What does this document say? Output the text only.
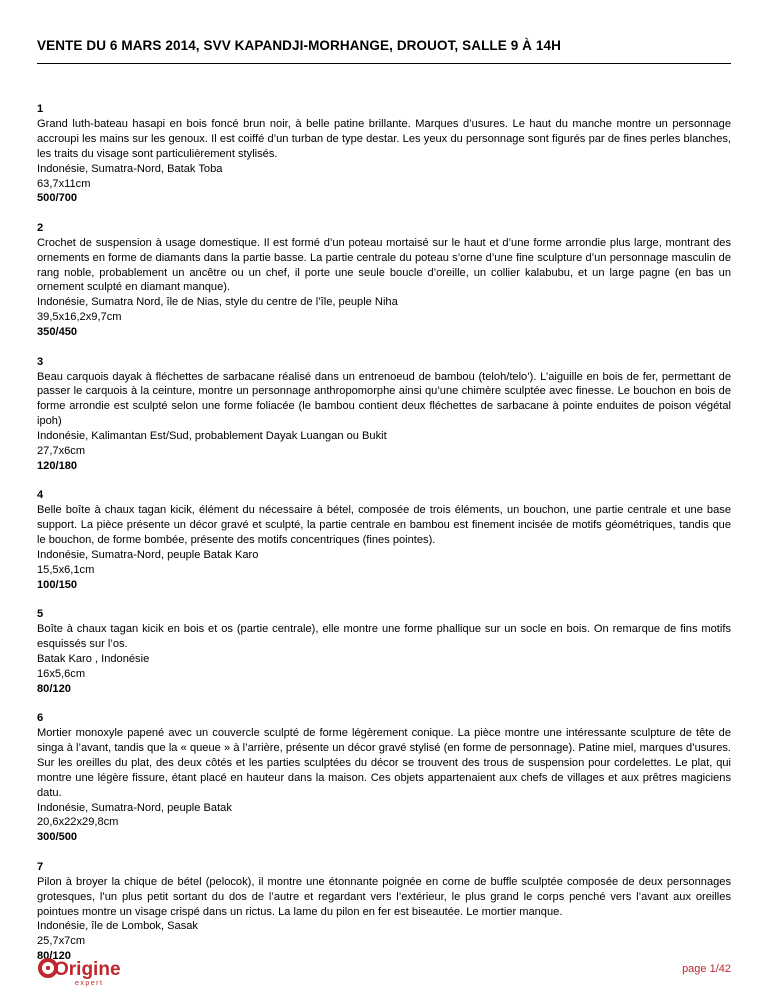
VENTE DU 6 MARS 2014, SVV KAPANDJI-MORHANGE, DROUOT, SALLE 9 À 14H
1
Grand luth-bateau hasapi en bois foncé brun noir, à belle patine brillante. Marques d’usures. Le haut du manche montre un personnage accroupi les mains sur les genoux. Il est coiffé d’un turban de type destar. Les yeux du personnage sont figurés par de fines perles blanches, les traits du visage sont particulièrement stylisés.
Indonésie, Sumatra-Nord, Batak Toba
63,7x11cm
500/700
2
Crochet de suspension à usage domestique. Il est formé d’un poteau mortaisé sur le haut et d’une forme arrondie plus large, montrant des ornements en forme de diamants dans la partie basse. La partie centrale du poteau s’orne d’une fine sculpture d’un personnage masculin de rang noble, probablement un ancêtre ou un chef, il porte une seule boucle d’oreille, un collier kalabubu, et un large pagne (en bas un ornement sculpté en diamant manque).
Indonésie, Sumatra Nord, île de Nias, style du centre de l’île, peuple Niha
39,5x16,2x9,7cm
350/450
3
Beau carquois dayak à fléchettes de sarbacane réalisé dans un entrenoeud de bambou (teloh/telo’). L’aiguille en bois de fer, permettant de passer le carquois à la ceinture, montre un personnage anthropomorphe ainsi qu’une chimère sculptée avec finesse. Le bouchon en bois de forme arrondie est sculpté selon une forme foliacée (le bambou contient deux fléchettes de sarbacane à pointe enduites de poison végétal ipoh)
Indonésie, Kalimantan Est/Sud, probablement Dayak Luangan ou Bukit
27,7x6cm
120/180
4
Belle boîte à chaux tagan kicik, élément du nécessaire à bétel, composée de trois éléments, un bouchon, une partie centrale et une base support. La pièce présente un décor gravé et sculpté, la partie centrale en bambou est finement incisée de motifs géométriques, tandis que le bouchon, de forme bombée, présente des motifs concentriques (fines pointes).
Indonésie, Sumatra-Nord, peuple Batak Karo
15,5x6,1cm
100/150
5
Boîte à chaux tagan kicik en bois et os (partie centrale), elle montre une forme phallique sur un socle en bois. On remarque de fins motifs esquissés sur l’os.
Batak Karo , Indonésie
16x5,6cm
80/120
6
Mortier monoxyle papené avec un couvercle sculpté de forme légèrement conique. La pièce montre une intéressante sculpture de tête de singa à l’avant, tandis que la « queue » à l’arrière, présente un décor gravé stylisé (en forme de personnage). Patine miel, marques d’usures. Sur les oreilles du plat, des deux côtés et les parties sculptées du décor se trouvent des trous de suspension pour cordelettes. Le plat, qui montre une légère fissure, étant placé en hauteur dans la maison. Ces objets appartenaient aux chefs de villages et aux prêtres magiciens datu.
Indonésie, Sumatra-Nord, peuple Batak
20,6x22x29,8cm
300/500
7
Pilon à broyer la chique de bétel (pelocok), il montre une étonnante poignée en corne de buffle sculptée composée de deux personnages grotesques, l’un plus petit sortant du dos de l’autre et regardant vers l’extérieur, le plus grand le corps penché vers l’avant aux oreilles pointues montre un visage crispé dans un rictus. La lame du pilon en fer est biseautée. Le mortier manque.
Indonésie, île de Lombok, Sasak
25,7x7cm
80/120
Origine
expert
page 1/42
